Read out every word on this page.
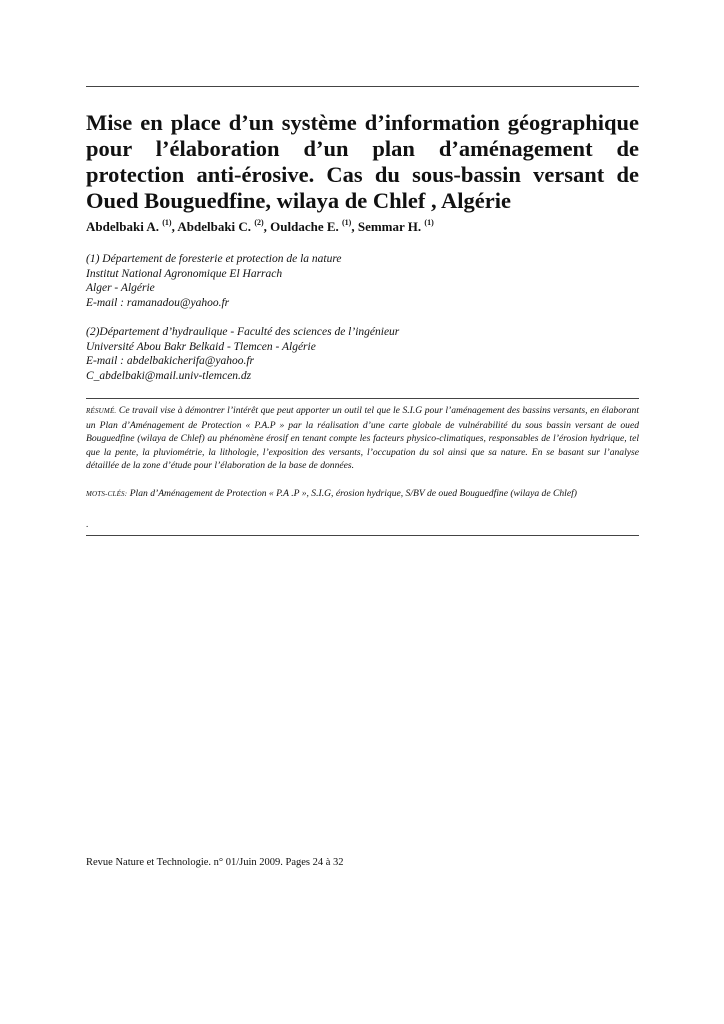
Mise en place d’un système d’information géographique pour l’élaboration d’un plan d’aménagement de protection anti-érosive. Cas du sous-bassin versant de Oued Bouguedfine, wilaya de Chlef , Algérie
Abdelbaki A. $^{(1)}$, Abdelbaki C. $^{(2)}$, Ouldache E. $^{(1)}$, Semmar H. $^{(1)}$
(1) Département de foresterie et protection de la nature
Institut National Agronomique El Harrach
Alger - Algérie
E-mail : ramanadou@yahoo.fr
(2)Département d’hydraulique - Faculté des sciences de l’ingénieur
Université Abou Bakr Belkaid - Tlemcen - Algérie
E-mail : abdelbakicherifa@yahoo.fr
C_abdelbaki@mail.univ-tlemcen.dz

RÉSUMÉ. Ce travail vise à démontrer l’intérêt que peut apporter un outil tel que le S.I.G pour l’aménagement des bassins versants, en élaborant un Plan d’Aménagement de Protection « P.A.P » par la réalisation d’une carte globale de vulnérabilité du sous bassin versant de oued Bouguedfine (wilaya de Chlef) au phénomène érosif en tenant compte les facteurs physico-climatiques, responsables de l’érosion hydrique, tel que la pente, la pluviométrie, la lithologie, l’exposition des versants, l’occupation du sol ainsi que sa nature. En se basant sur l’analyse détaillée de la zone d’étude pour l’élaboration de la base de données.

MOTS-CLÉS: Plan d’Aménagement de Protection « P.A .P », S.I.G, érosion hydrique, S/BV de oued Bouguedfine (wilaya de Chlef)

.
Revue Nature et Technologie. n° 01/Juin 2009. Pages 24 à 32
